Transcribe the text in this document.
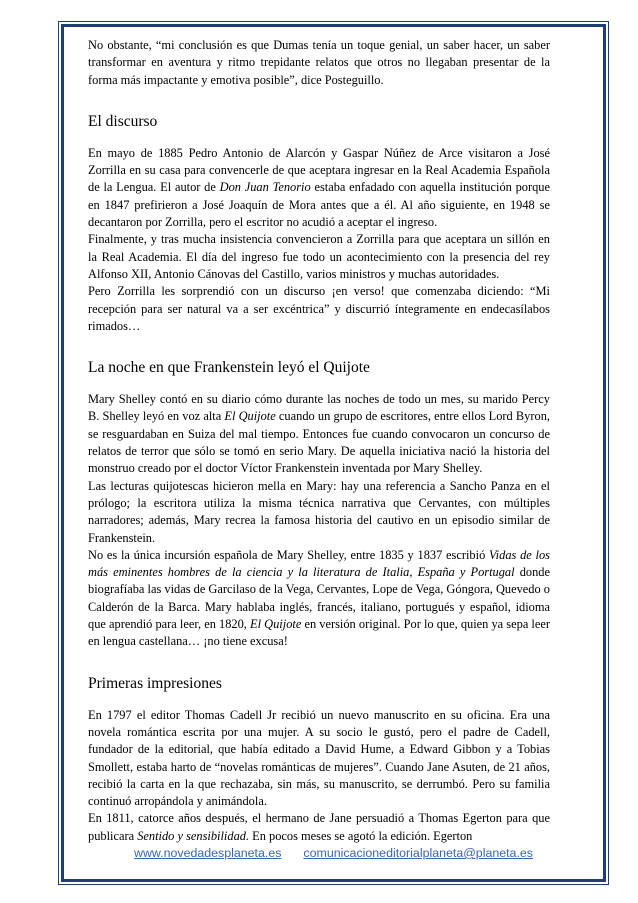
No obstante, “mi conclusión es que Dumas tenía un toque genial, un saber hacer, un saber transformar en aventura y ritmo trepidante relatos que otros no llegaban presentar de la forma más impactante y emotiva posible”, dice Posteguillo.

El discurso

En mayo de 1885 Pedro Antonio de Alarcón y Gaspar Núñez de Arce visitaron a José Zorrilla en su casa para convencerle de que aceptara ingresar en la Real Academia Española de la Lengua. El autor de Don Juan Tenorio estaba enfadado con aquella institución porque en 1847 prefirieron a José Joaquín de Mora antes que a él. Al año siguiente, en 1948 se decantaron por Zorrilla, pero el escritor no acudió a aceptar el ingreso.

Finalmente, y tras mucha insistencia convencieron a Zorrilla para que aceptara un sillón en la Real Academia. El día del ingreso fue todo un acontecimiento con la presencia del rey Alfonso XII, Antonio Cánovas del Castillo, varios ministros y muchas autoridades.

Pero Zorrilla les sorprendió con un discurso ¡en verso! que comenzaba diciendo: “Mi recepción para ser natural va a ser excéntrica” y discurrió íntegramente en endecasílabos rimados…

La noche en que Frankenstein leyó el Quijote

Mary Shelley contó en su diario cómo durante las noches de todo un mes, su marido Percy B. Shelley leyó en voz alta El Quijote cuando un grupo de escritores, entre ellos Lord Byron, se resguardaban en Suiza del mal tiempo. Entonces fue cuando convocaron un concurso de relatos de terror que sólo se tomó en serio Mary. De aquella iniciativa nació la historia del monstruo creado por el doctor Víctor Frankenstein inventada por Mary Shelley.

Las lecturas quijotescas hicieron mella en Mary: hay una referencia a Sancho Panza en el prólogo; la escritora utiliza la misma técnica narrativa que Cervantes, con múltiples narradores; además, Mary recrea la famosa historia del cautivo en un episodio similar de Frankenstein.

No es la única incursión española de Mary Shelley, entre 1835 y 1837 escribió Vidas de los más eminentes hombres de la ciencia y la literatura de Italia, España y Portugal donde biografíaba las vidas de Garcilaso de la Vega, Cervantes, Lope de Vega, Góngora, Quevedo o Calderón de la Barca. Mary hablaba inglés, francés, italiano, portugués y español, idioma que aprendió para leer, en 1820, El Quijote en versión original. Por lo que, quien ya sepa leer en lengua castellana… ¡no tiene excusa!

Primeras impresiones

En 1797 el editor Thomas Cadell Jr recibió un nuevo manuscrito en su oficina. Era una novela romántica escrita por una mujer. A su socio le gustó, pero el padre de Cadell, fundador de la editorial, que había editado a David Hume, a Edward Gibbon y a Tobias Smollett, estaba harto de “novelas románticas de mujeres”. Cuando Jane Asuten, de 21 años, recibió la carta en la que rechazaba, sin más, su manuscrito, se derrumbó. Pero su familia continuó arropándola y animándola.

En 1811, catorce años después, el hermano de Jane persuadió a Thomas Egerton para que publicara Sentido y sensibilidad. En pocos meses se agotó la edición. Egerton

www.novedadesplaneta.es comunicacioneditorialplaneta@planeta.es
